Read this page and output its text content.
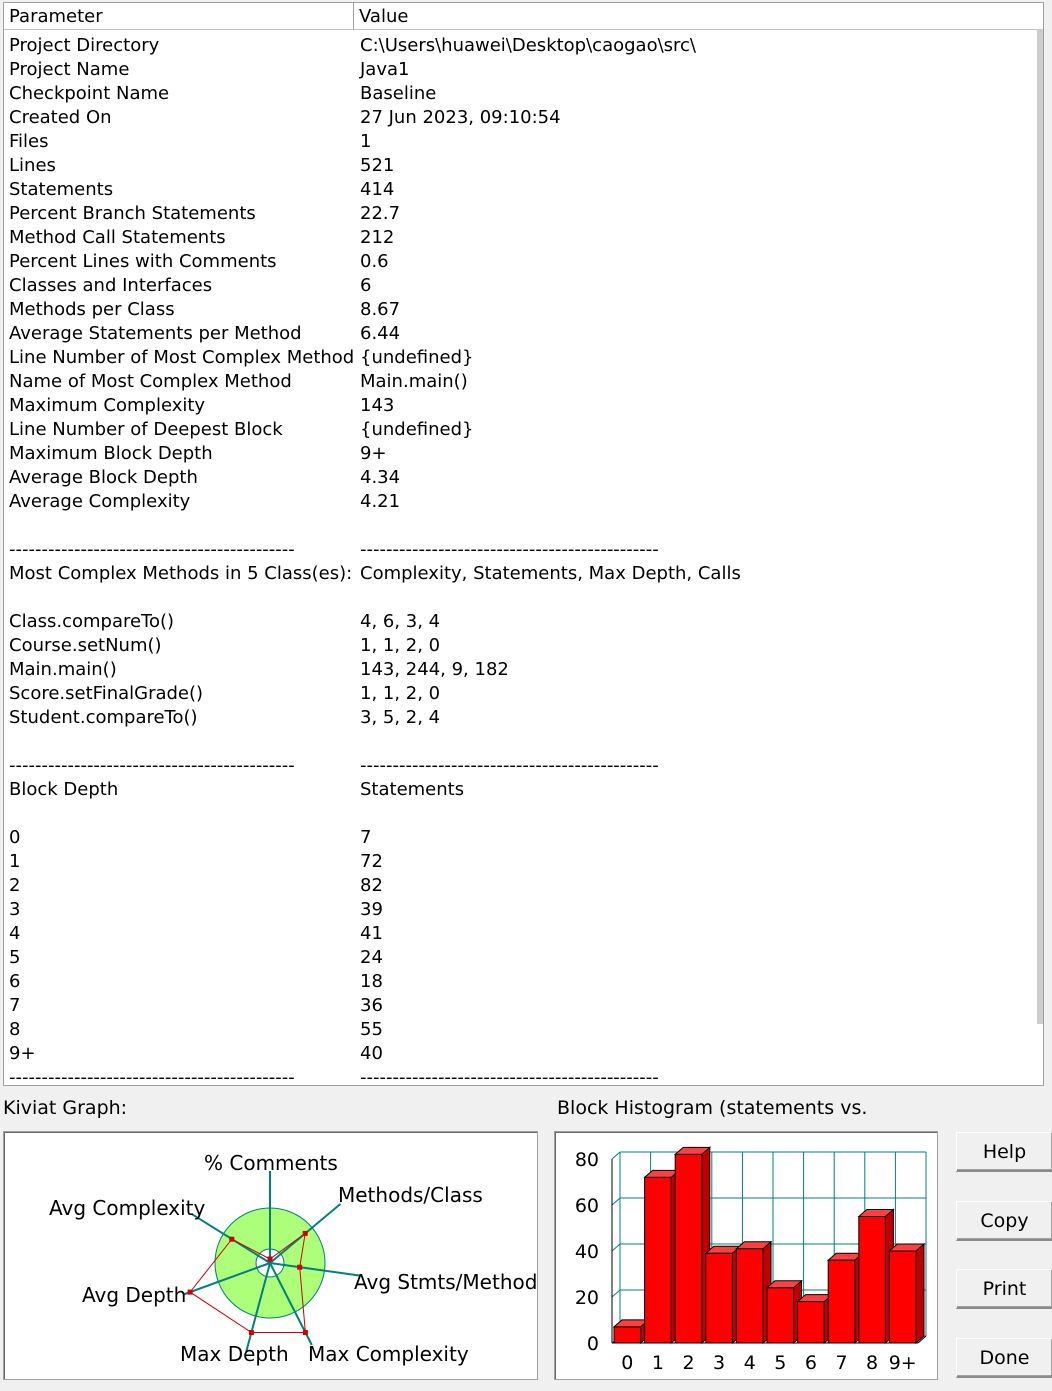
Parameter	Value
Project Directory	C:\Users\huawei\Desktop\caogao\src\
Project Name	Java1
Checkpoint Name	Baseline
Created On	27 Jun 2023, 09:10:54
Files	1
Lines	521
Statements	414
Percent Branch Statements	22.7
Method Call Statements	212
Percent Lines with Comments	0.6
Classes and Interfaces	6
Methods per Class	8.67
Average Statements per Method	6.44
Line Number of Most Complex Method {undefined}
Name of Most Complex Method	Main.main()
Maximum Complexity	143
Line Number of Deepest Block	{undefined}
Maximum Block Depth	9+
Average Block Depth	4.34
Average Complexity	4.21
--------------------------------------------	----------------------------------------------
Most Complex Methods in 5 Class(es): Complexity, Statements, Max Depth, Calls
Class.compareTo()	4, 6, 3, 4
Course.setNum()	1, 1, 2, 0
Main.main()	143, 244, 9, 182
Score.setFinalGrade()	1, 1, 2, 0
Student.compareTo()	3, 5, 2, 4
--------------------------------------------	----------------------------------------------
Block Depth	Statements
0	7
1	72
2	82
3	39
4	41
5	24
6	18
7	36
8	55
9+	40
--------------------------------------------	----------------------------------------------
Kiviat Graph:	Block Histogram (statements vs.
% Comments
Methods/Class
Avg Stmts/Method
Max Complexity
Max Depth
Avg Depth
Avg Complexity
0
20
40
60
80
0 1 2 3 4 5 6 7 8 9+
Help
Copy
Print
Done
